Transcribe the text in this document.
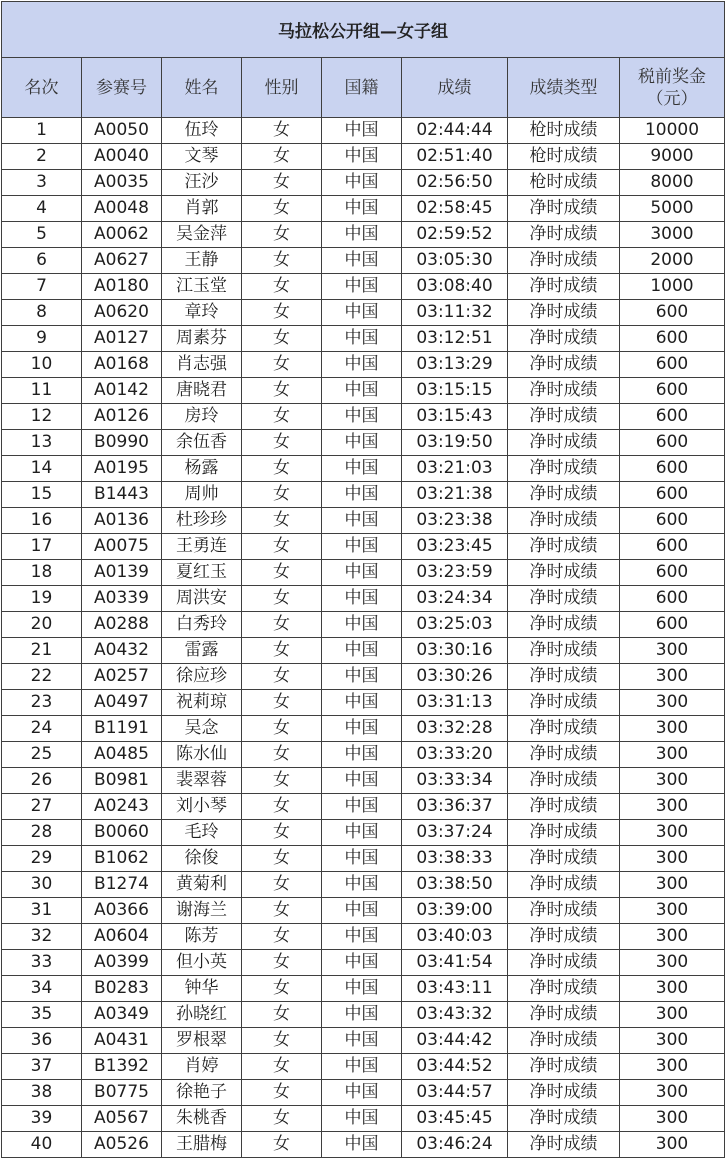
马拉松公开组—女子组							
名次	参赛号	姓名	性别	国籍	成绩	成绩类型	税前奖金
（元）
1	A0050	伍玲	女	中国	02:44:44	枪时成绩	10000
2	A0040	文琴	女	中国	02:51:40	枪时成绩	9000
3	A0035	汪沙	女	中国	02:56:50	枪时成绩	8000
4	A0048	肖郭	女	中国	02:58:45	净时成绩	5000
5	A0062	吴金萍	女	中国	02:59:52	净时成绩	3000
6	A0627	王静	女	中国	03:05:30	净时成绩	2000
7	A0180	江玉堂	女	中国	03:08:40	净时成绩	1000
8	A0620	章玲	女	中国	03:11:32	净时成绩	600
9	A0127	周素芬	女	中国	03:12:51	净时成绩	600
10	A0168	肖志强	女	中国	03:13:29	净时成绩	600
11	A0142	唐晓君	女	中国	03:15:15	净时成绩	600
12	A0126	房玲	女	中国	03:15:43	净时成绩	600
13	B0990	余伍香	女	中国	03:19:50	净时成绩	600
14	A0195	杨露	女	中国	03:21:03	净时成绩	600
15	B1443	周帅	女	中国	03:21:38	净时成绩	600
16	A0136	杜珍珍	女	中国	03:23:38	净时成绩	600
17	A0075	王勇连	女	中国	03:23:45	净时成绩	600
18	A0139	夏红玉	女	中国	03:23:59	净时成绩	600
19	A0339	周洪安	女	中国	03:24:34	净时成绩	600
20	A0288	白秀玲	女	中国	03:25:03	净时成绩	600
21	A0432	雷露	女	中国	03:30:16	净时成绩	300
22	A0257	徐应珍	女	中国	03:30:26	净时成绩	300
23	A0497	祝莉琼	女	中国	03:31:13	净时成绩	300
24	B1191	吴念	女	中国	03:32:28	净时成绩	300
25	A0485	陈水仙	女	中国	03:33:20	净时成绩	300
26	B0981	裴翠蓉	女	中国	03:33:34	净时成绩	300
27	A0243	刘小琴	女	中国	03:36:37	净时成绩	300
28	B0060	毛玲	女	中国	03:37:24	净时成绩	300
29	B1062	徐俊	女	中国	03:38:33	净时成绩	300
30	B1274	黄菊利	女	中国	03:38:50	净时成绩	300
31	A0366	谢海兰	女	中国	03:39:00	净时成绩	300
32	A0604	陈芳	女	中国	03:40:03	净时成绩	300
33	A0399	但小英	女	中国	03:41:54	净时成绩	300
34	B0283	钟华	女	中国	03:43:11	净时成绩	300
35	A0349	孙晓红	女	中国	03:43:32	净时成绩	300
36	A0431	罗根翠	女	中国	03:44:42	净时成绩	300
37	B1392	肖婷	女	中国	03:44:52	净时成绩	300
38	B0775	徐艳子	女	中国	03:44:57	净时成绩	300
39	A0567	朱桃香	女	中国	03:45:45	净时成绩	300
40	A0526	王腊梅	女	中国	03:46:24	净时成绩	300
